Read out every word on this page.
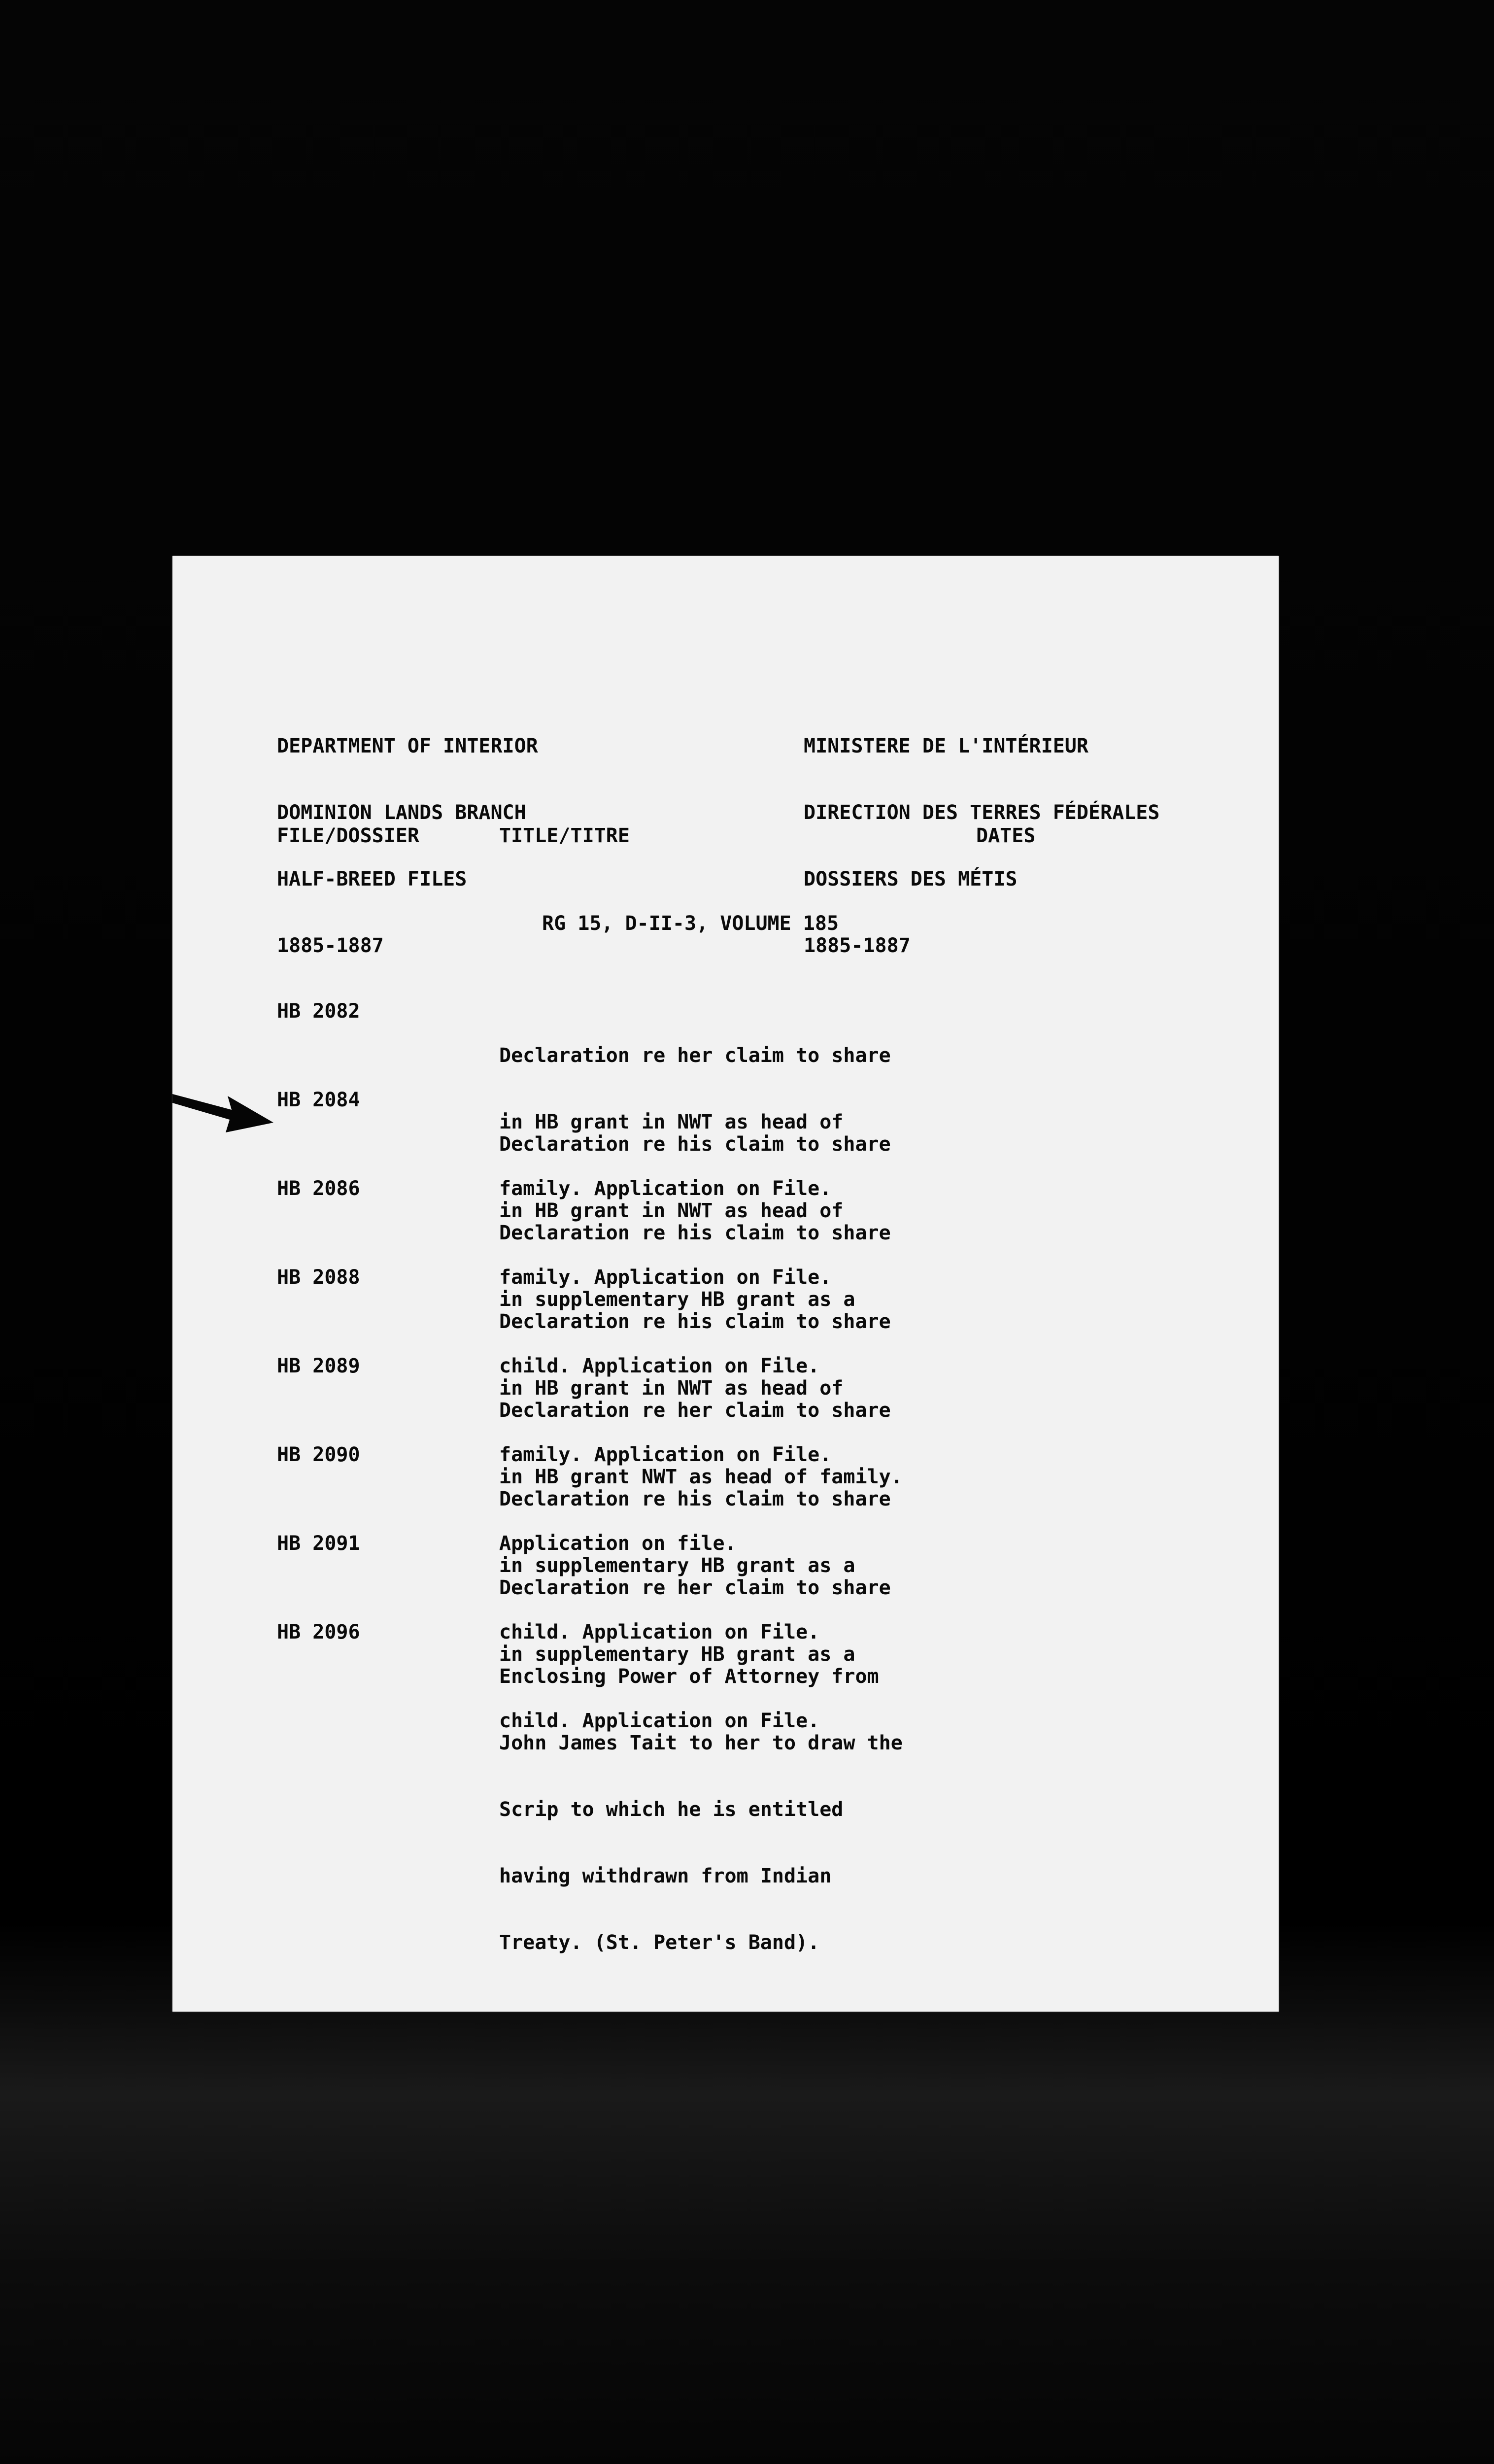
DEPARTMENT OF INTERIOR

DOMINION LANDS BRANCH

HALF-BREED FILES

1885-1887

MINISTERE DE L'INTÉRIEUR

DIRECTION DES TERRES FÉDÉRALES

DOSSIERS DES MÉTIS

1885-1887

FILE/DOSSIER	TITLE/TITRE	DATES
RG 15, D-II-3, VOLUME 185
HB 2082

Declaration re her claim to share

in HB grant in NWT as head of

family. Application on File.

HB 2084

Declaration re his claim to share

in HB grant in NWT as head of

family. Application on File.

HB 2086

Declaration re his claim to share

in supplementary HB grant as a

child. Application on File.

HB 2088

Declaration re his claim to share

in HB grant in NWT as head of

family. Application on File.

HB 2089

Declaration re her claim to share

in HB grant NWT as head of family.

Application on file.

HB 2090

Declaration re his claim to share

in supplementary HB grant as a

child. Application on File.

HB 2091

Declaration re her claim to share

in supplementary HB grant as a

child. Application on File.

HB 2096

Enclosing Power of Attorney from

John James Tait to her to draw the

Scrip to which he is entitled

having withdrawn from Indian

Treaty. (St. Peter's Band).
